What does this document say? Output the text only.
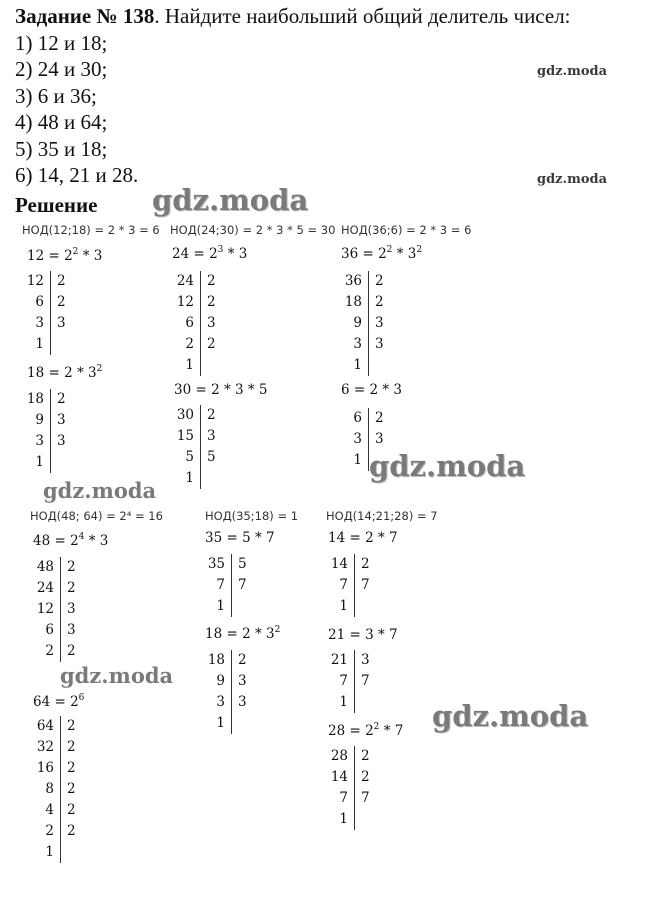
Задание № 138. Найдите наибольший общий делитель чисел:
1) 12 и 18;
2) 24 и 30;
3) 6 и 36;
4) 48 и 64;
5) 35 и 18;
6) 14, 21 и 28.
Решение
gdz.moda
gdz.moda
gdz.moda
gdz.moda
gdz.moda
gdz.moda
gdz.moda
НОД(12;18) = 2 * 3 = 6 НОД(24;30) = 2 * 3 * 5 = 30 НОД(36;6) = 2 * 3 = 6
НОД(48; 64) = 2⁴ = 16	НОД(35;18) = 1 НОД(14;21;28) = 7
$12 = 2^2 * 3$
$18 = 2 * 3^2$
$24 = 2^3 * 3$
30 = 2 * 3 * 5
$36 = 2^2 * 3^2$
6 = 2 * 3
$48 = 2^4 * 3$
$64 = 2^6$
35 = 5 * 7
$18 = 2 * 3^2$
14 = 2 * 7
21 = 3 * 7
$28 = 2^2 * 7$
12 2
6 2
3 3
1
18 2
9 3
3 3
1
24 2
12 2
6 3
2 2
1
30 2
15 3
5 5
1
36 2
18 2
9 3
3 3
1
6 2
3 3
1
48 2
24 2
12 3
6 3
2 2
64 2
32 2
16 2
8 2
4 2
2 2
1
35 5
7 7
1
18 2
9 3
3 3
1
14 2
7 7
1
21 3
7 7
1
28 2
14 2
7 7
1
